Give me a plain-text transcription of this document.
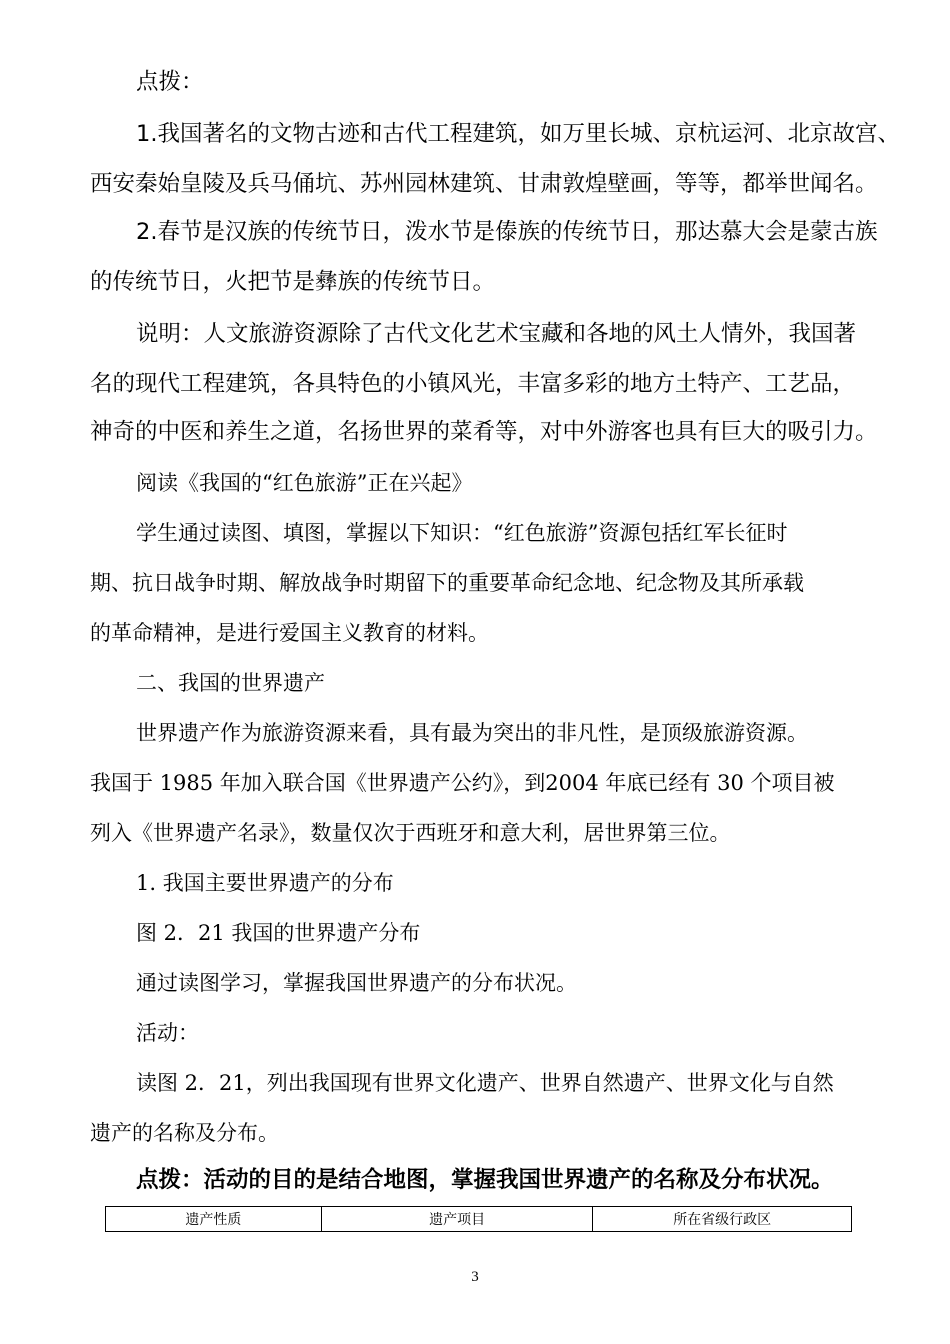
点拨：
1.我国著名的文物古迹和古代工程建筑，如万里长城、京杭运河、北京故宫、
西安秦始皇陵及兵马俑坑、苏州园林建筑、甘肃敦煌壁画，等等，都举世闻名。
2.春节是汉族的传统节日，泼水节是傣族的传统节日，那达慕大会是蒙古族
的传统节日，火把节是彝族的传统节日。
说明：人文旅游资源除了古代文化艺术宝藏和各地的风土人情外，我国著
名的现代工程建筑，各具特色的小镇风光，丰富多彩的地方土特产、工艺品，
神奇的中医和养生之道，名扬世界的菜肴等，对中外游客也具有巨大的吸引力。
阅读《我国的“红色旅游”正在兴起》
学生通过读图、填图，掌握以下知识：“红色旅游”资源包括红军长征时
期、抗日战争时期、解放战争时期留下的重要革命纪念地、纪念物及其所承载
的革命精神，是进行爱国主义教育的材料。
二、我国的世界遗产
世界遗产作为旅游资源来看，具有最为突出的非凡性，是顶级旅游资源。
我国于 1985 年加入联合国《世界遗产公约》，到2004 年底已经有 30 个项目被
列入《世界遗产名录》，数量仅次于西班牙和意大利，居世界第三位。
1. 我国主要世界遗产的分布
图 2．21 我国的世界遗产分布
通过读图学习，掌握我国世界遗产的分布状况。
活动：
读图 2．21，列出我国现有世界文化遗产、世界自然遗产、世界文化与自然
遗产的名称及分布。
点拨：活动的目的是结合地图，掌握我国世界遗产的名称及分布状况。
遗产性质	遗产项目	所在省级行政区
3
